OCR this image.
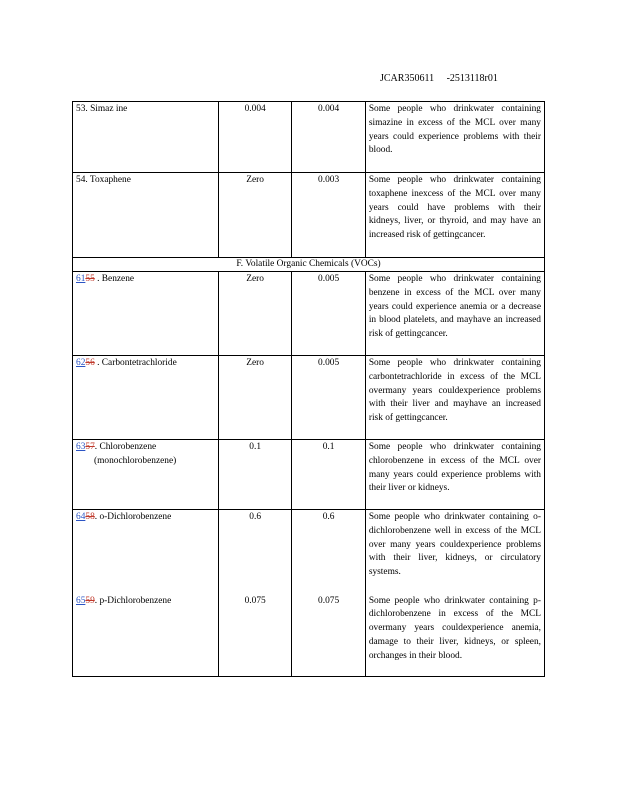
JCAR350611     -2513118r01
53. Simaz ine	0.004	0.004	Some people who drinkwater containing simazine in excess of the MCL over many years could experience problems with their blood.
54. Toxaphene	Zero	0.003	Some people who drinkwater containing toxaphene inexcess of the MCL over many years could have problems with their kidneys, liver, or thyroid, and may have an increased risk of gettingcancer.
F. Volatile Organic Chemicals (VOCs)			
6155 . Benzene	Zero	0.005	Some people who drinkwater containing benzene in excess of the MCL over many years could experience anemia or a decrease in blood platelets, and mayhave an increased risk of gettingcancer.
6256 . Carbontetrachloride	Zero	0.005	Some people who drinkwater containing carbontetrachloride in excess of the MCL overmany years couldexperience problems with their liver and mayhave an increased risk of gettingcancer.
6357. Chlorobenzene
(monochlorobenzene)	0.1	0.1	Some people who drinkwater containing chlorobenzene in excess of the MCL over many years could experience problems with their liver or kidneys.
6458. o-Dichlorobenzene	0.6	0.6	Some people who drinkwater containing o-dichlorobenzene well in excess of the MCL over many years couldexperience problems with their liver, kidneys, or circulatory systems.
6559. p-Dichlorobenzene	0.075	0.075	Some people who drinkwater containing p-dichlorobenzene in excess of the MCL overmany years couldexperience anemia, damage to their liver, kidneys, or spleen, orchanges in their blood.
